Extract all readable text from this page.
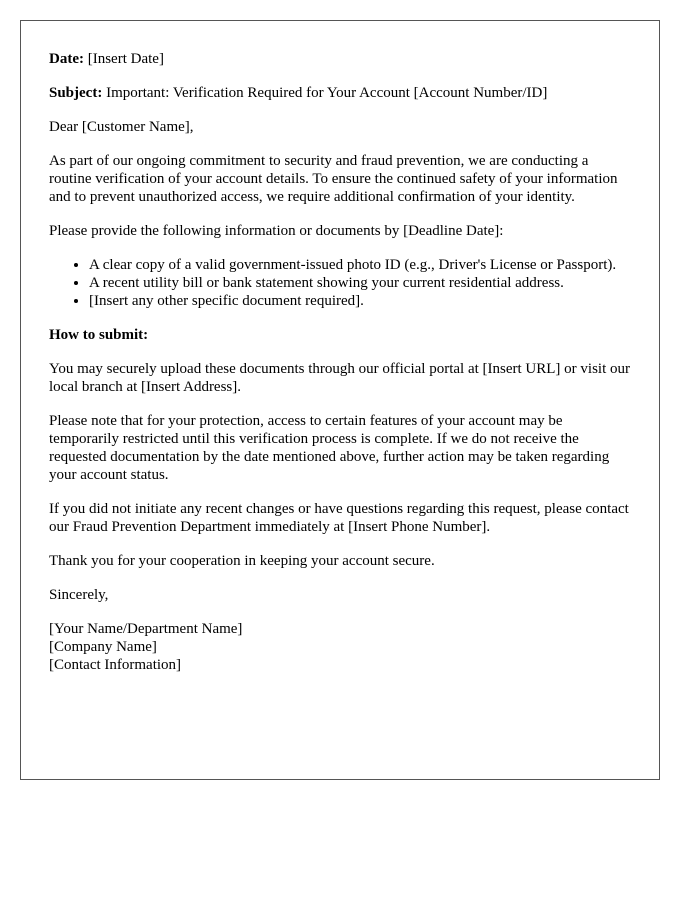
Date: [Insert Date]

Subject: Important: Verification Required for Your Account [Account Number/ID]

Dear [Customer Name],

As part of our ongoing commitment to security and fraud prevention, we are conducting a routine verification of your account details. To ensure the continued safety of your information and to prevent unauthorized access, we require additional confirmation of your identity.

Please provide the following information or documents by [Deadline Date]:

• A clear copy of a valid government-issued photo ID (e.g., Driver's License or Passport).
• A recent utility bill or bank statement showing your current residential address.
• [Insert any other specific document required].

How to submit:

You may securely upload these documents through our official portal at [Insert URL] or visit our local branch at [Insert Address].

Please note that for your protection, access to certain features of your account may be temporarily restricted until this verification process is complete. If we do not receive the requested documentation by the date mentioned above, further action may be taken regarding your account status.

If you did not initiate any recent changes or have questions regarding this request, please contact our Fraud Prevention Department immediately at [Insert Phone Number].

Thank you for your cooperation in keeping your account secure.

Sincerely,

[Your Name/Department Name]
[Company Name]
[Contact Information]
